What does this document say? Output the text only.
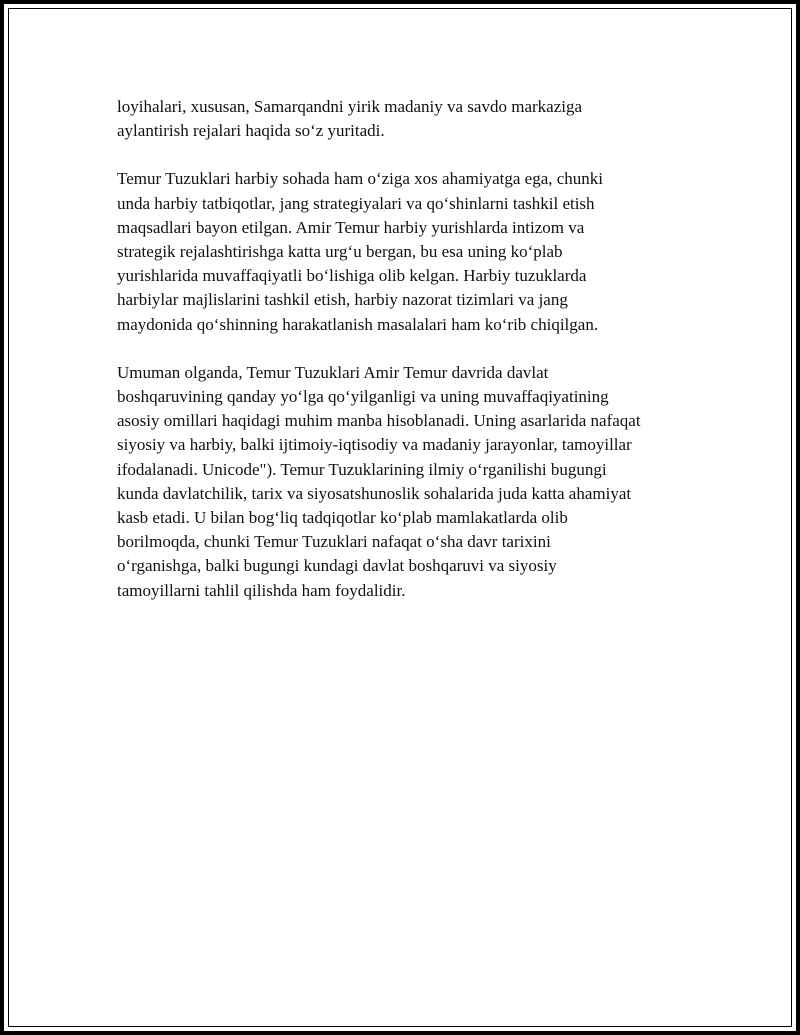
loyihalari, xususan, Samarqandni yirik madaniy va savdo markaziga
aylantirish rejalari haqida so‘z yuritadi.

Temur Tuzuklari harbiy sohada ham o‘ziga xos ahamiyatga ega, chunki
unda harbiy tatbiqotlar, jang strategiyalari va qo‘shinlarni tashkil etish
maqsadlari bayon etilgan. Amir Temur harbiy yurishlarda intizom va
strategik rejalashtirishga katta urg‘u bergan, bu esa uning ko‘plab
yurishlarida muvaffaqiyatli bo‘lishiga olib kelgan. Harbiy tuzuklarda
harbiylar majlislarini tashkil etish, harbiy nazorat tizimlari va jang
maydonida qo‘shinning harakatlanish masalalari ham ko‘rib chiqilgan.

Umuman olganda, Temur Tuzuklari Amir Temur davrida davlat
boshqaruvining qanday yo‘lga qo‘yilganligi va uning muvaffaqiyatining
asosiy omillari haqidagi muhim manba hisoblanadi. Uning asarlarida nafaqat
siyosiy va harbiy, balki ijtimoiy-iqtisodiy va madaniy jarayonlar, tamoyillar
ifodalanadi. Unicode"). Temur Tuzuklarining ilmiy o‘rganilishi bugungi
kunda davlatchilik, tarix va siyosatshunoslik sohalarida juda katta ahamiyat
kasb etadi. U bilan bog‘liq tadqiqotlar ko‘plab mamlakatlarda olib
borilmoqda, chunki Temur Tuzuklari nafaqat o‘sha davr tarixini
o‘rganishga, balki bugungi kundagi davlat boshqaruvi va siyosiy
tamoyillarni tahlil qilishda ham foydalidir.
